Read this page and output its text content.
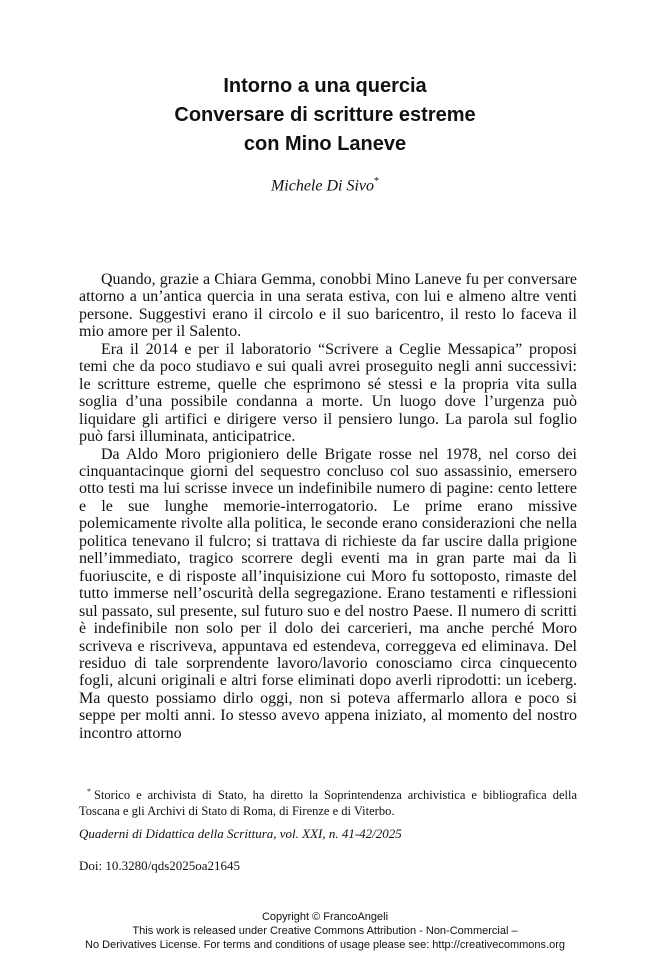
Intorno a una quercia
Conversare di scritture estreme
con Mino Laneve
Michele Di Sivo*

Quando, grazie a Chiara Gemma, conobbi Mino Laneve fu per conversare attorno a un’antica quercia in una serata estiva, con lui e almeno altre venti persone. Suggestivi erano il circolo e il suo baricentro, il resto lo faceva il mio amore per il Salento.

Era il 2014 e per il laboratorio “Scrivere a Ceglie Messapica” proposi temi che da poco studiavo e sui quali avrei proseguito negli anni successivi: le scritture estreme, quelle che esprimono sé stessi e la propria vita sulla soglia d’una possibile condanna a morte. Un luogo dove l’urgenza può liquidare gli artifici e dirigere verso il pensiero lungo. La parola sul foglio può farsi illuminata, anticipatrice.

Da Aldo Moro prigioniero delle Brigate rosse nel 1978, nel corso dei cinquantacinque giorni del sequestro concluso col suo assassinio, emersero otto testi ma lui scrisse invece un indefinibile numero di pagine: cento lettere e le sue lunghe memorie-interrogatorio. Le prime erano missive polemicamente rivolte alla politica, le seconde erano considerazioni che nella politica tenevano il fulcro; si trattava di richieste da far uscire dalla prigione nell’immediato, tragico scorrere degli eventi ma in gran parte mai da lì fuoriuscite, e di risposte all’inquisizione cui Moro fu sottoposto, rimaste del tutto immerse nell’oscurità della segregazione. Erano testamenti e riflessioni sul passato, sul presente, sul futuro suo e del nostro Paese. Il numero di scritti è indefinibile non solo per il dolo dei carcerieri, ma anche perché Moro scriveva e riscriveva, appuntava ed estendeva, correggeva ed eliminava. Del residuo di tale sorprendente lavoro/lavorio conosciamo circa cinquecento fogli, alcuni originali e altri forse eliminati dopo averli riprodotti: un iceberg. Ma questo possiamo dirlo oggi, non si poteva affermarlo allora e poco si seppe per molti anni. Io stesso avevo appena iniziato, al momento del nostro incontro attorno

* Storico e archivista di Stato, ha diretto la Soprintendenza archivistica e bibliografica della Toscana e gli Archivi di Stato di Roma, di Firenze e di Viterbo.
Quaderni di Didattica della Scrittura, vol. XXI, n. 41-42/2025
Doi: 10.3280/qds2025oa21645
Copyright © FrancoAngeli
This work is released under Creative Commons Attribution - Non-Commercial –
No Derivatives License. For terms and conditions of usage please see: http://creativecommons.org
